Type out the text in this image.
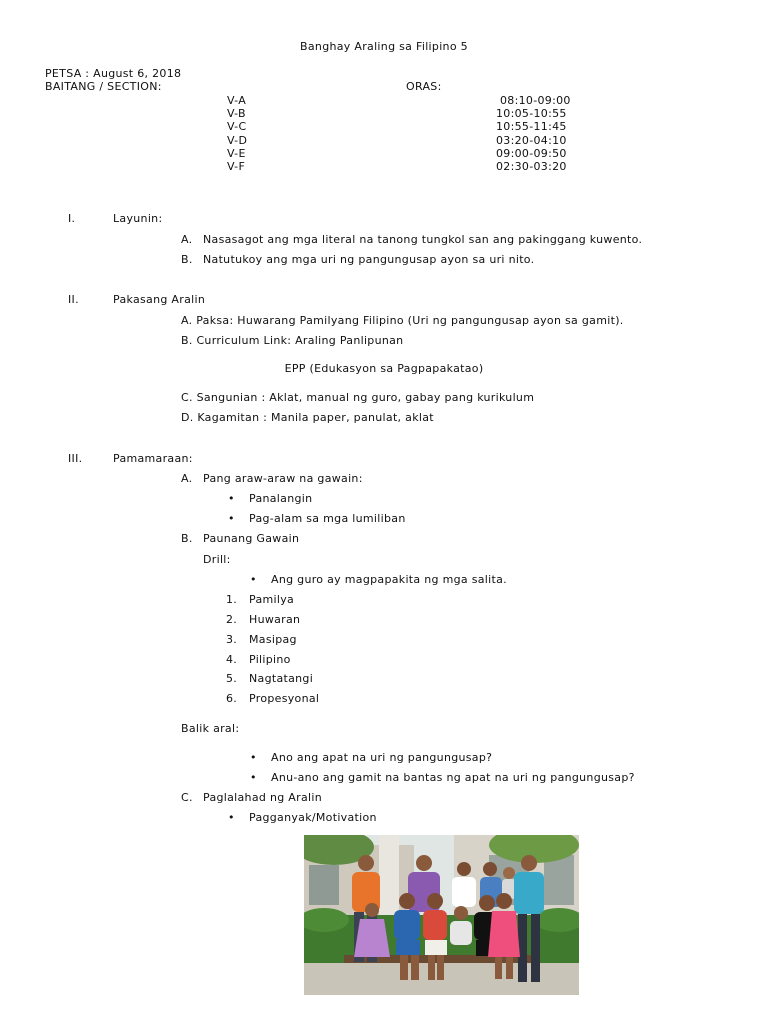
Banghay Araling sa Filipino 5
PETSA : August 6, 2018
BAITANG / SECTION:	ORAS:
V-A	08:10-09:00
V-B	10:05-10:55
V-C	10:55-11:45
V-D	03:20-04:10
V-E	09:00-09:50
V-F	02:30-03:20
I.	Layunin:
A. Nasasagot ang mga literal na tanong tungkol san ang pakinggang kuwento.
B. Natutukoy ang mga uri ng pangungusap ayon sa uri nito.
II.	Pakasang Aralin
A. Paksa: Huwarang Pamilyang Filipino (Uri ng pangungusap ayon sa gamit).
B. Curriculum Link: Araling Panlipunan
EPP (Edukasyon sa Pagpapakatao)
C. Sangunian : Aklat, manual ng guro, gabay pang kurikulum
D. Kagamitan : Manila paper, panulat, aklat
III.	Pamamaraan:
A. Pang araw-araw na gawain:
• Panalangin
• Pag-alam sa mga lumiliban
B. Paunang Gawain
Drill:
• Ang guro ay magpapakita ng mga salita.
1. Pamilya
2. Huwaran
3. Masipag
4. Pilipino
5. Nagtatangi
6. Propesyonal
Balik aral:
• Ano ang apat na uri ng pangungusap?
• Anu-ano ang gamit na bantas ng apat na uri ng pangungusap?
C. Paglalahad ng Aralin
• Pagganyak/Motivation
